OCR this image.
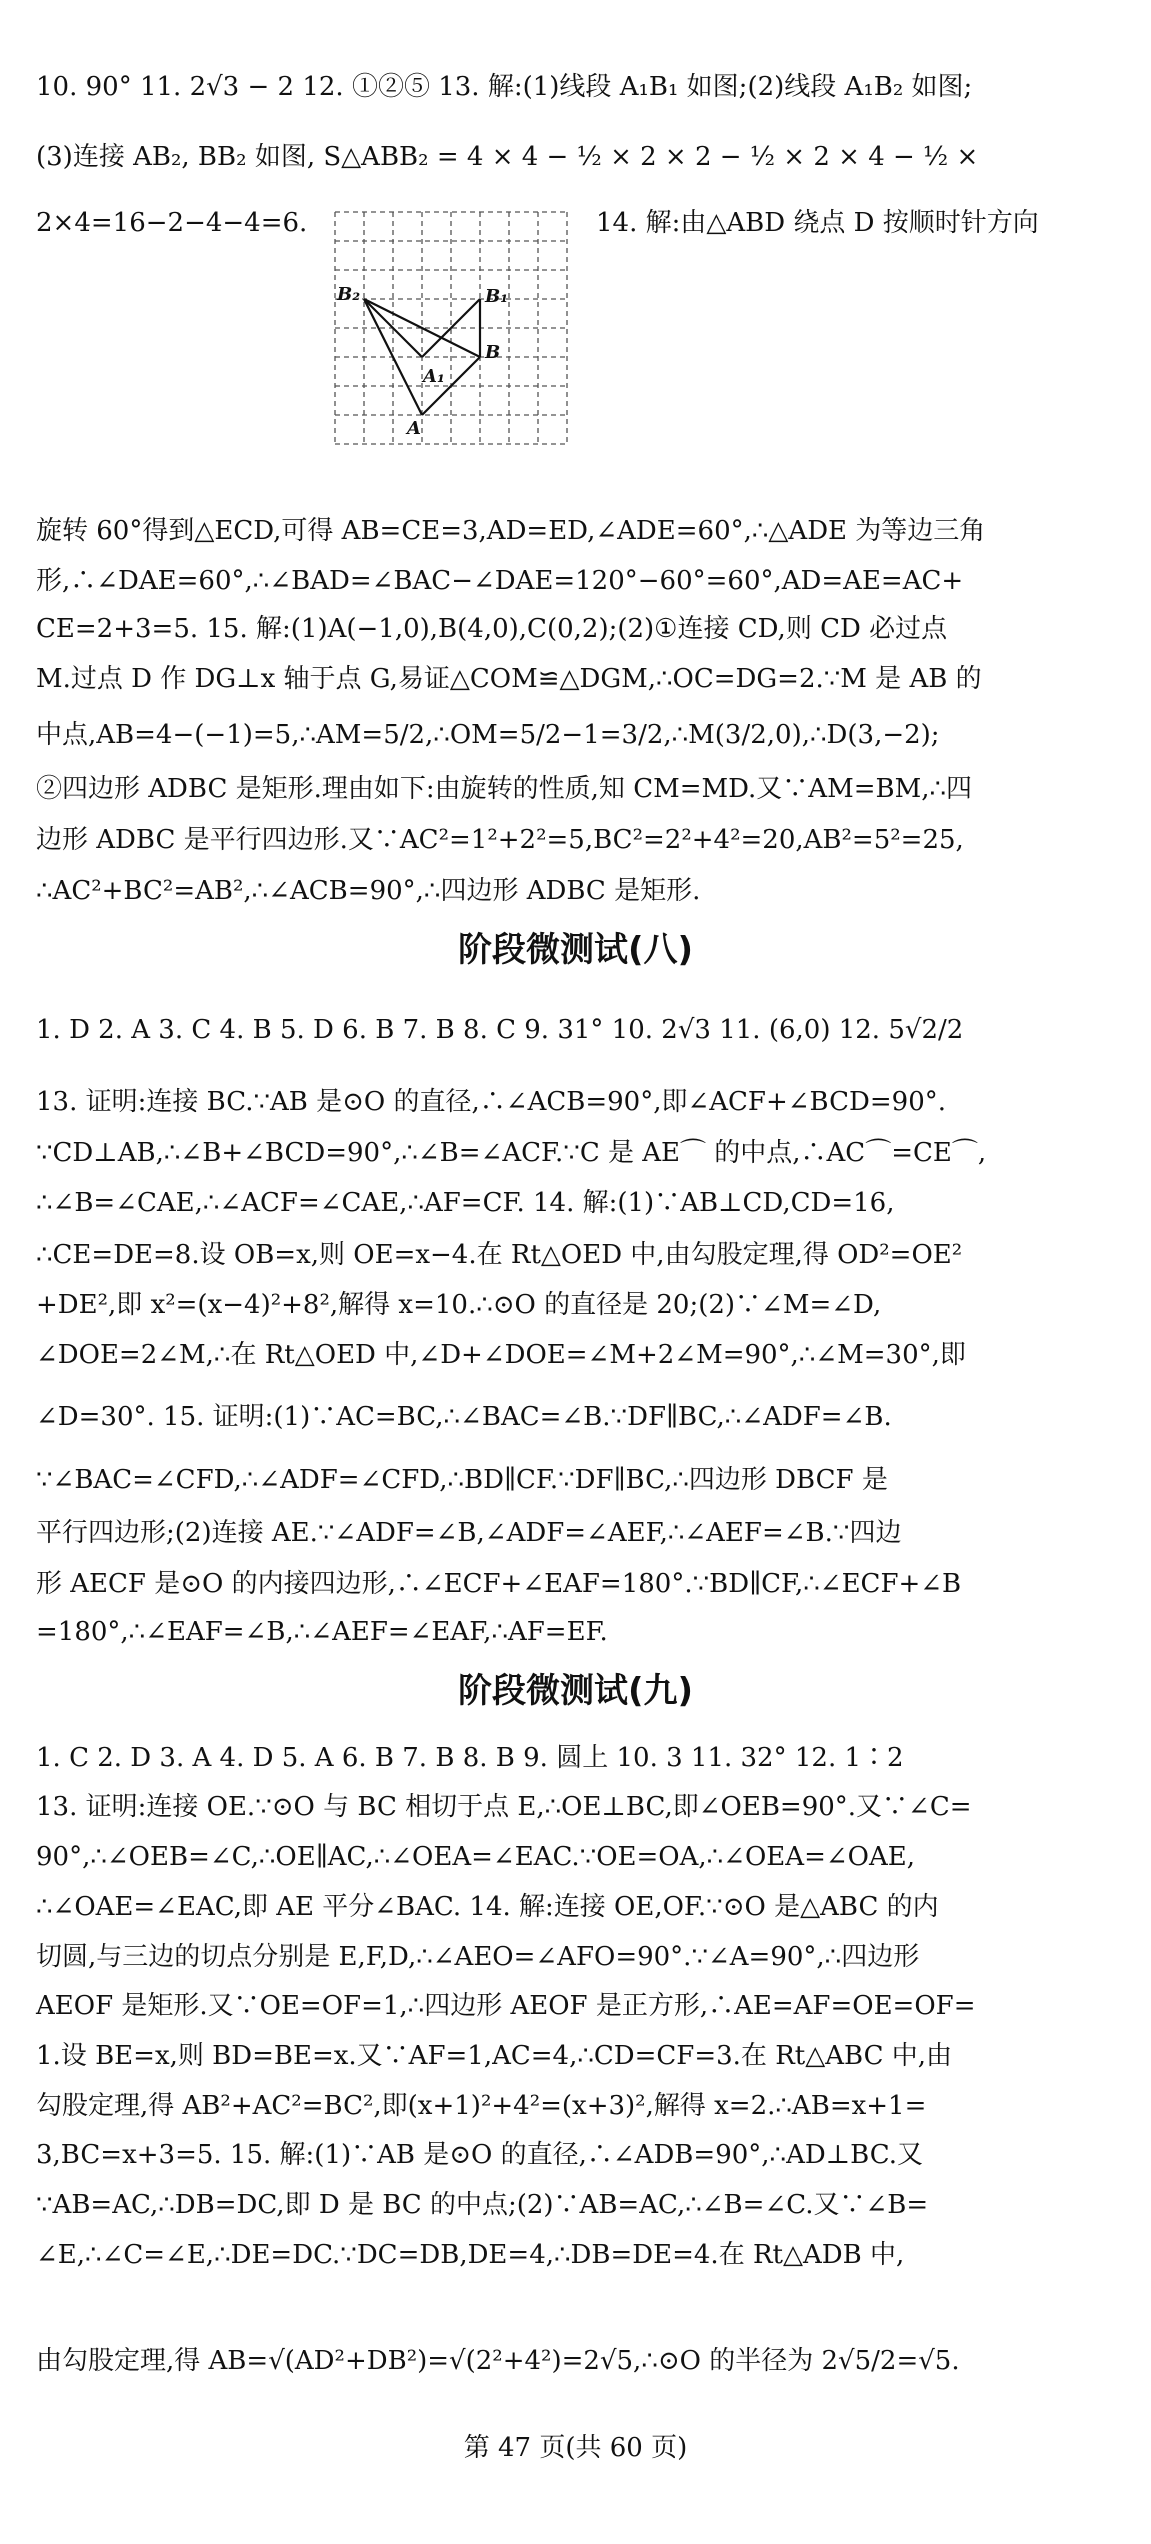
10. 90° 11. 2√3 − 2 12. ①②⑤ 13. 解:(1)线段 A₁B₁ 如图;(2)线段 A₁B₂ 如图;
(3)连接 AB₂, BB₂ 如图, S△ABB₂ = 4 × 4 − ½ × 2 × 2 − ½ × 2 × 4 − ½ ×
2×4=16−2−4−4=6.	14. 解:由△ABD 绕点 D 按顺时针方向
B₂	B₁
B
A₁
A
旋转 60°得到△ECD,可得 AB=CE=3,AD=ED,∠ADE=60°,∴△ADE 为等边三角
形,∴∠DAE=60°,∴∠BAD=∠BAC−∠DAE=120°−60°=60°,AD=AE=AC+
CE=2+3=5. 15. 解:(1)A(−1,0),B(4,0),C(0,2);(2)①连接 CD,则 CD 必过点
M.过点 D 作 DG⊥x 轴于点 G,易证△COM≌△DGM,∴OC=DG=2.∵M 是 AB 的
中点,AB=4−(−1)=5,∴AM=5/2,∴OM=5/2−1=3/2,∴M(3/2,0),∴D(3,−2);
②四边形 ADBC 是矩形.理由如下:由旋转的性质,知 CM=MD.又∵AM=BM,∴四
边形 ADBC 是平行四边形.又∵AC²=1²+2²=5,BC²=2²+4²=20,AB²=5²=25,
∴AC²+BC²=AB²,∴∠ACB=90°,∴四边形 ADBC 是矩形.
阶段微测试(八)
1. D 2. A 3. C 4. B 5. D 6. B 7. B 8. C 9. 31° 10. 2√3 11. (6,0) 12. 5√2/2
13. 证明:连接 BC.∵AB 是⊙O 的直径,∴∠ACB=90°,即∠ACF+∠BCD=90°.
∵CD⊥AB,∴∠B+∠BCD=90°,∴∠B=∠ACF.∵C 是 AE⌒ 的中点,∴AC⌒=CE⌒,
∴∠B=∠CAE,∴∠ACF=∠CAE,∴AF=CF. 14. 解:(1)∵AB⊥CD,CD=16,
∴CE=DE=8.设 OB=x,则 OE=x−4.在 Rt△OED 中,由勾股定理,得 OD²=OE²
+DE²,即 x²=(x−4)²+8²,解得 x=10.∴⊙O 的直径是 20;(2)∵∠M=∠D,
∠DOE=2∠M,∴在 Rt△OED 中,∠D+∠DOE=∠M+2∠M=90°,∴∠M=30°,即
∠D=30°. 15. 证明:(1)∵AC=BC,∴∠BAC=∠B.∵DF∥BC,∴∠ADF=∠B.
∵∠BAC=∠CFD,∴∠ADF=∠CFD,∴BD∥CF.∵DF∥BC,∴四边形 DBCF 是
平行四边形;(2)连接 AE.∵∠ADF=∠B,∠ADF=∠AEF,∴∠AEF=∠B.∵四边
形 AECF 是⊙O 的内接四边形,∴∠ECF+∠EAF=180°.∵BD∥CF,∴∠ECF+∠B
=180°,∴∠EAF=∠B,∴∠AEF=∠EAF,∴AF=EF.
阶段微测试(九)
1. C 2. D 3. A 4. D 5. A 6. B 7. B 8. B 9. 圆上 10. 3 11. 32° 12. 1∶2
13. 证明:连接 OE.∵⊙O 与 BC 相切于点 E,∴OE⊥BC,即∠OEB=90°.又∵∠C=
90°,∴∠OEB=∠C,∴OE∥AC,∴∠OEA=∠EAC.∵OE=OA,∴∠OEA=∠OAE,
∴∠OAE=∠EAC,即 AE 平分∠BAC. 14. 解:连接 OE,OF.∵⊙O 是△ABC 的内
切圆,与三边的切点分别是 E,F,D,∴∠AEO=∠AFO=90°.∵∠A=90°,∴四边形
AEOF 是矩形.又∵OE=OF=1,∴四边形 AEOF 是正方形,∴AE=AF=OE=OF=
1.设 BE=x,则 BD=BE=x.又∵AF=1,AC=4,∴CD=CF=3.在 Rt△ABC 中,由
勾股定理,得 AB²+AC²=BC²,即(x+1)²+4²=(x+3)²,解得 x=2.∴AB=x+1=
3,BC=x+3=5. 15. 解:(1)∵AB 是⊙O 的直径,∴∠ADB=90°,∴AD⊥BC.又
∵AB=AC,∴DB=DC,即 D 是 BC 的中点;(2)∵AB=AC,∴∠B=∠C.又∵∠B=
∠E,∴∠C=∠E,∴DE=DC.∵DC=DB,DE=4,∴DB=DE=4.在 Rt△ADB 中,
由勾股定理,得 AB=√(AD²+DB²)=√(2²+4²)=2√5,∴⊙O 的半径为 2√5/2=√5.
第 47 页(共 60 页)
